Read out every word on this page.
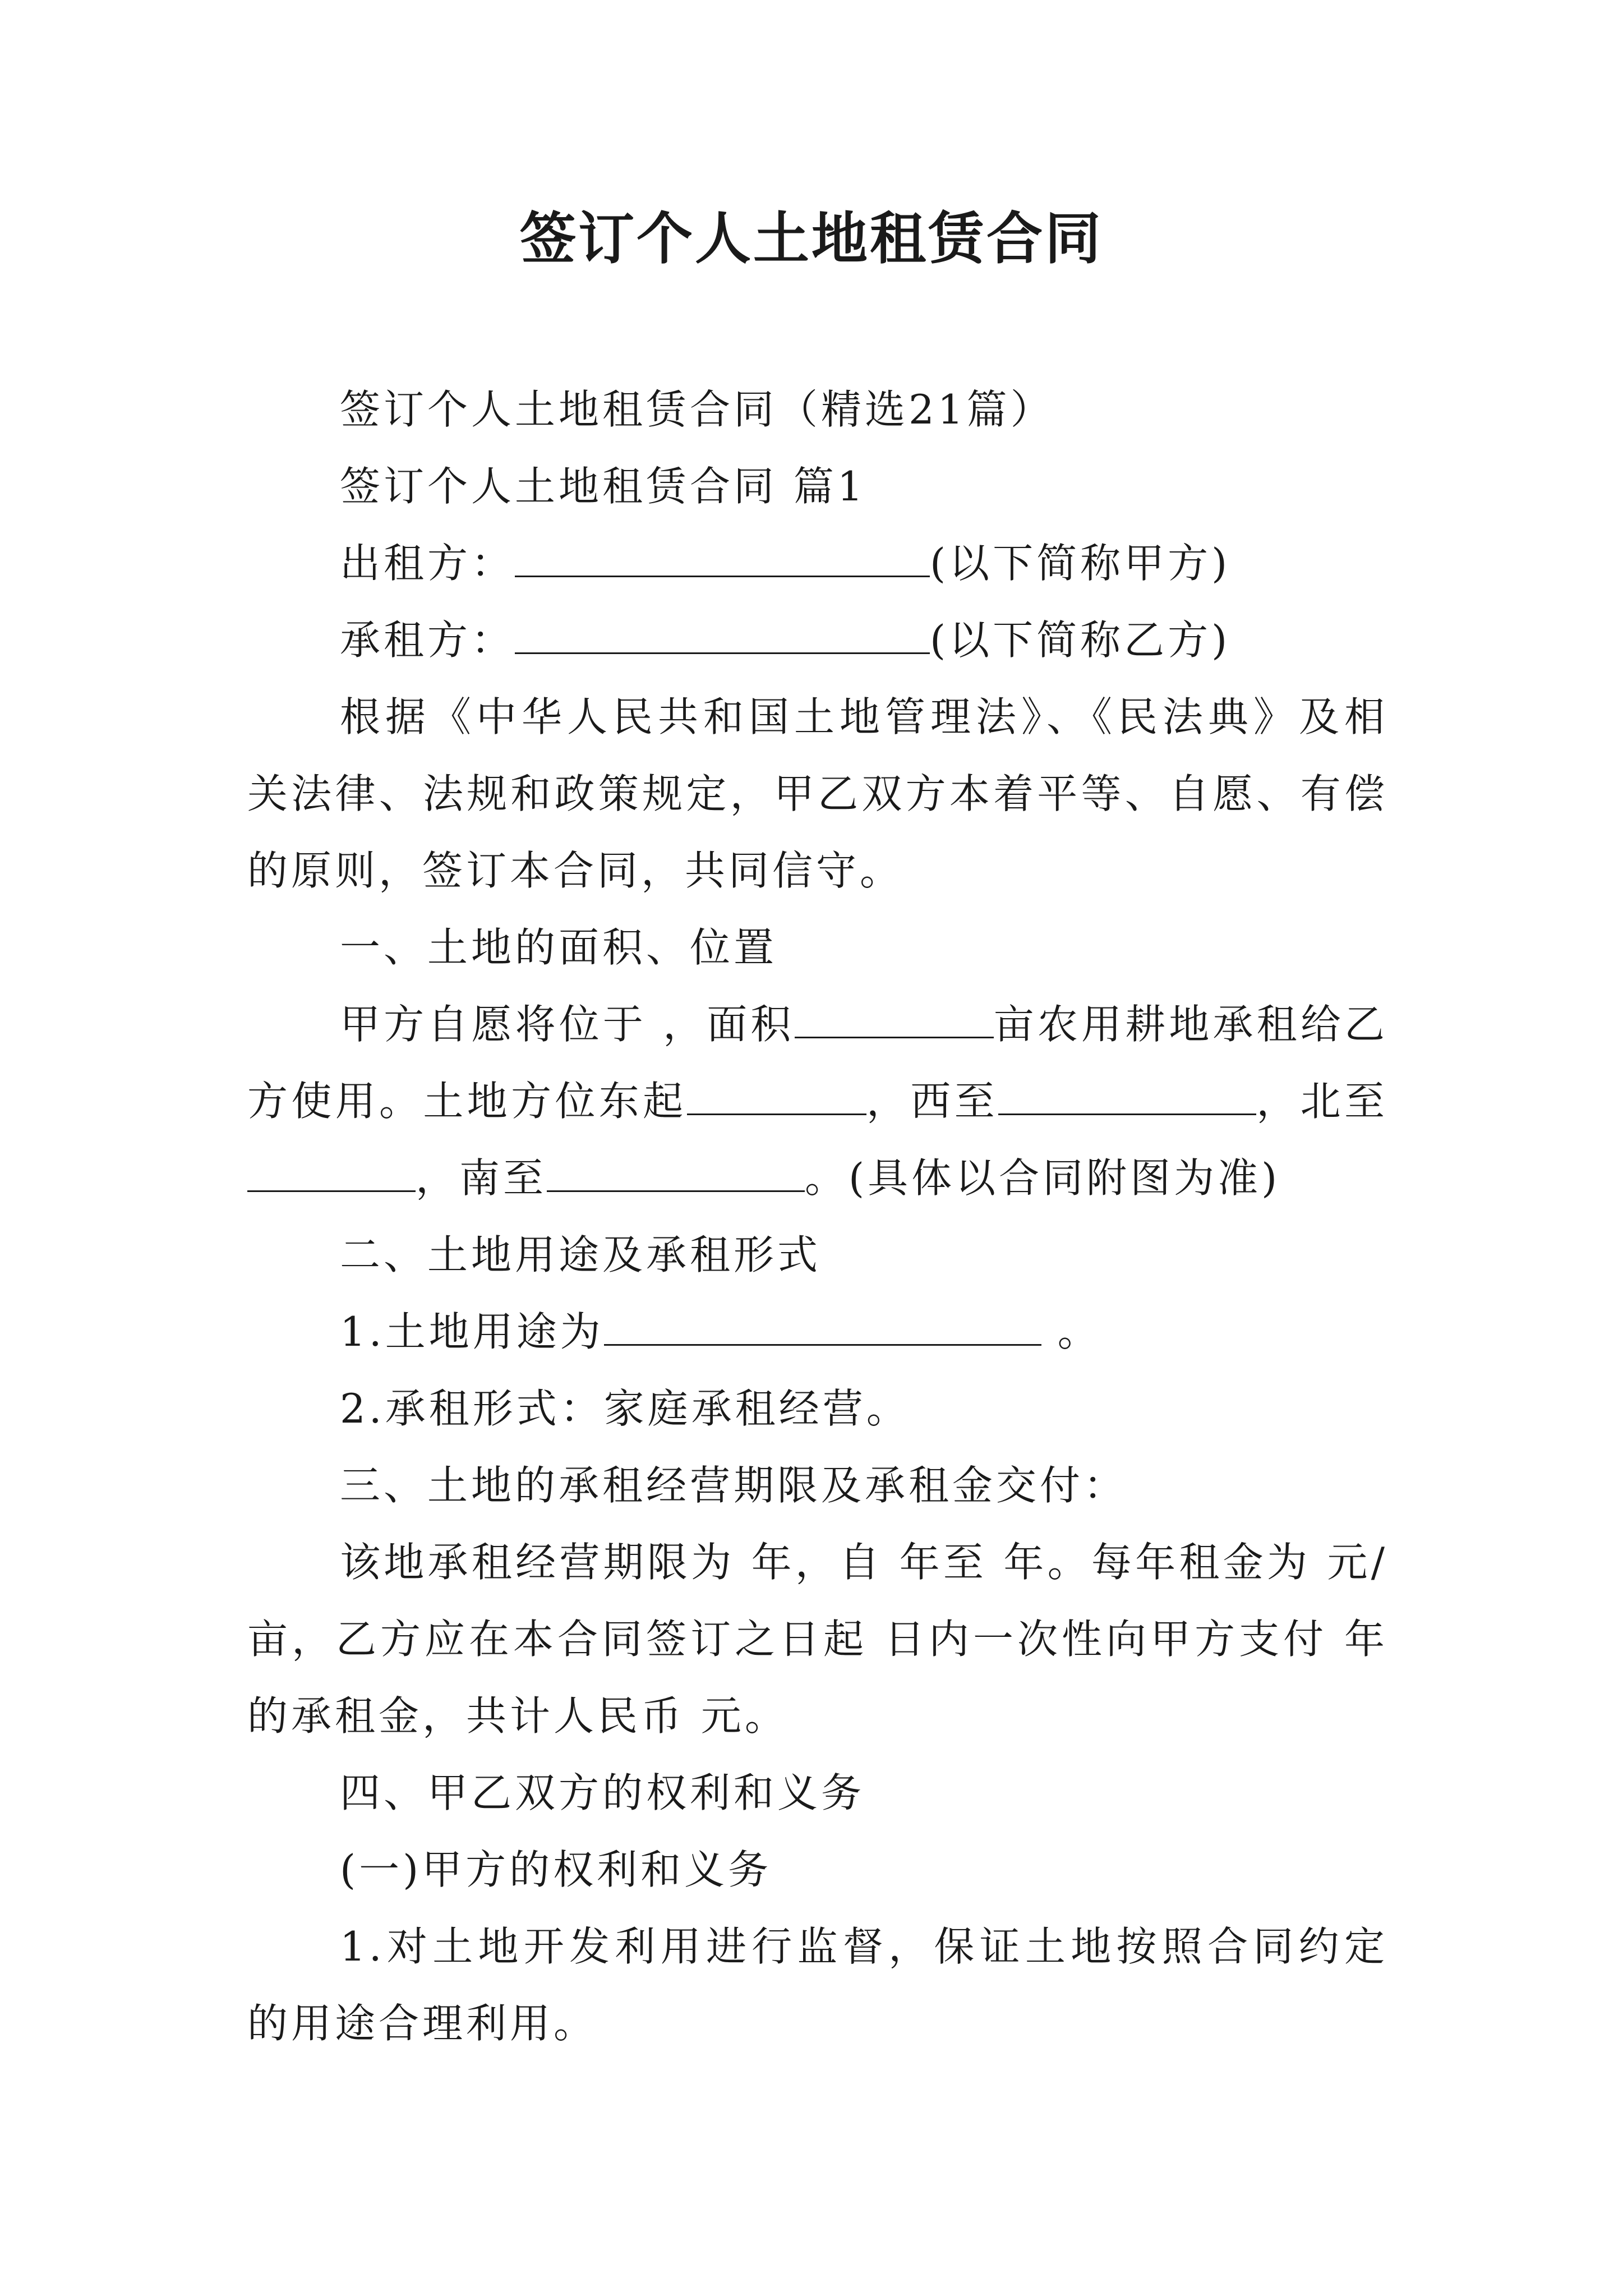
签订个人土地租赁合同

签订个人土地租赁合同（精选21篇）

签订个人土地租赁合同 篇1

出租方：	(以下简称甲方)

承租方：	(以下简称乙方)

根据《中华人民共和国土地管理法》、《民法典》及相关法律、法规和政策规定，甲乙双方本着平等、自愿、有偿的原则，签订本合同，共同信守。

一、土地的面积、位置

甲方自愿将位于 ，面积	亩农用耕地承租给乙方使用。土地方位东起	，西至	，北至，南至	。(具体以合同附图为准)

二、土地用途及承租形式

1.土地用途为	。

2.承租形式：家庭承租经营。

三、土地的承租经营期限及承租金交付：

该地承租经营期限为 年，自 年至 年。每年租金为 元/亩，乙方应在本合同签订之日起 日内一次性向甲方支付 年的承租金，共计人民币 元。

四、甲乙双方的权利和义务

(一)甲方的权利和义务

1.对土地开发利用进行监督，保证土地按照合同约定的用途合理利用。
